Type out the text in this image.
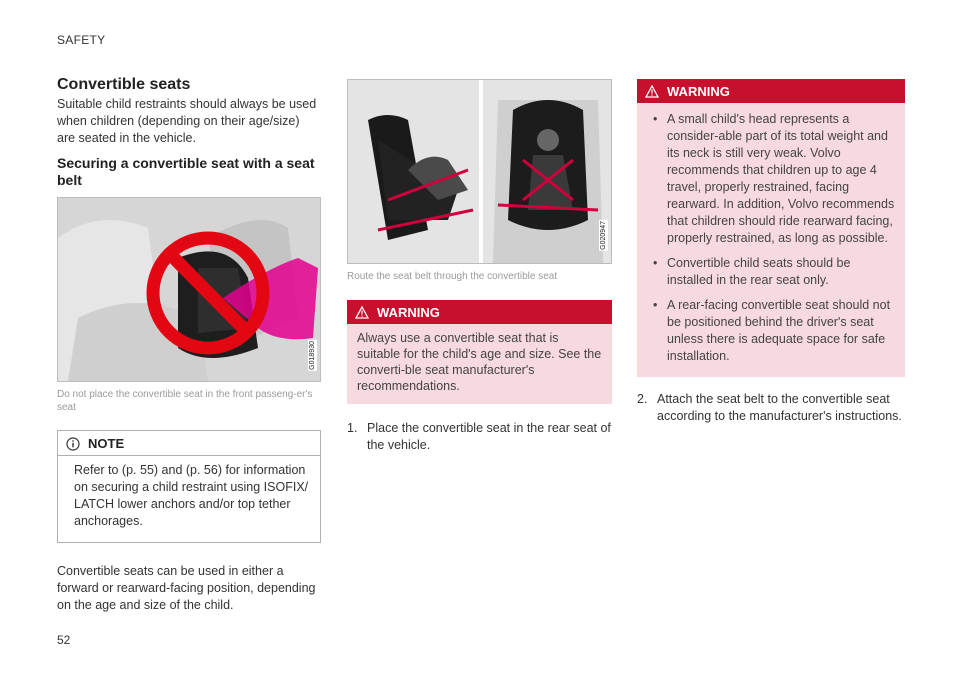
SAFETY
Convertible seats

Suitable child restraints should always be used when children (depending on their age/size) are seated in the vehicle.

Securing a convertible seat with a seat belt
G018930
Do not place the convertible seat in the front passeng-er's seat
NOTE
Refer to (p. 55) and (p. 56) for information on securing a child restraint using ISOFIX/ LATCH lower anchors and/or top tether anchorages.

Convertible seats can be used in either a forward or rearward-facing position, depending on the age and size of the child.

G020947
Route the seat belt through the convertible seat
WARNING
Always use a convertible seat that is suitable for the child's age and size. See the converti-ble seat manufacturer's recommendations.
1. Place the convertible seat in the rear seat of the vehicle.
WARNING
• A small child's head represents a consider-able part of its total weight and its neck is still very weak. Volvo recommends that children up to age 4 travel, properly restrained, facing rearward. In addition, Volvo recommends that children should ride rearward facing, properly restrained, as long as possible.
• Convertible child seats should be installed in the rear seat only.
• A rear-facing convertible seat should not be positioned behind the driver's seat unless there is adequate space for safe installation.
2. Attach the seat belt to the convertible seat according to the manufacturer's instructions.
52
